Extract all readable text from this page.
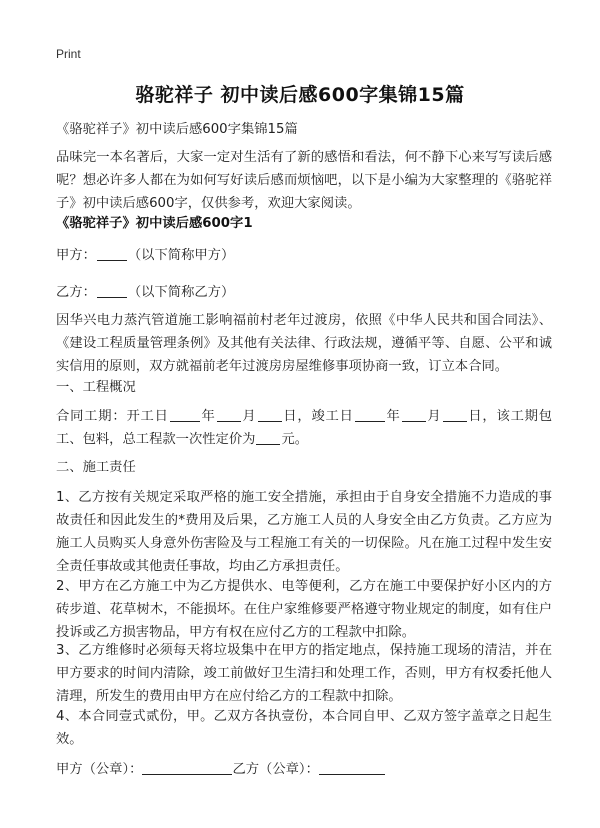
Print
骆驼祥子 初中读后感600字集锦15篇
《骆驼祥子》初中读后感600字集锦15篇
品味完一本名著后，大家一定对生活有了新的感悟和看法，何不静下心来写写读后感呢？想必许多人都在为如何写好读后感而烦恼吧，以下是小编为大家整理的《骆驼祥子》初中读后感600字，仅供参考，欢迎大家阅读。
《骆驼祥子》初中读后感600字1
甲方： （以下简称甲方）
乙方： （以下简称乙方）
因华兴电力蒸汽管道施工影响福前村老年过渡房，依照《中华人民共和国合同法》、《建设工程质量管理条例》及其他有关法律、行政法规，遵循平等、自愿、公平和诚实信用的原则，双方就福前老年过渡房房屋维修事项协商一致，订立本合同。
一、工程概况
合同工期：开工日 年 月 日，竣工日 年 月 日，该工期包工、包料，总工程款一次性定价为 元。
二、施工责任
1、乙方按有关规定采取严格的施工安全措施，承担由于自身安全措施不力造成的事故责任和因此发生的*费用及后果，乙方施工人员的人身安全由乙方负责。乙方应为施工人员购买人身意外伤害险及与工程施工有关的一切保险。凡在施工过程中发生安全责任事故或其他责任事故，均由乙方承担责任。
2、甲方在乙方施工中为乙方提供水、电等便利，乙方在施工中要保护好小区内的方砖步道、花草树木，不能损坏。在住户家维修要严格遵守物业规定的制度，如有住户投诉或乙方损害物品，甲方有权在应付乙方的工程款中扣除。
3、乙方维修时必须每天将垃圾集中在甲方的指定地点，保持施工现场的清洁，并在甲方要求的时间内清除，竣工前做好卫生清扫和处理工作，否则，甲方有权委托他人清理，所发生的费用由甲方在应付给乙方的工程款中扣除。
4、本合同壹式贰份，甲。乙双方各执壹份，本合同自甲、乙双方签字盖章之日起生效。
甲方（公章）：	乙方（公章）：
